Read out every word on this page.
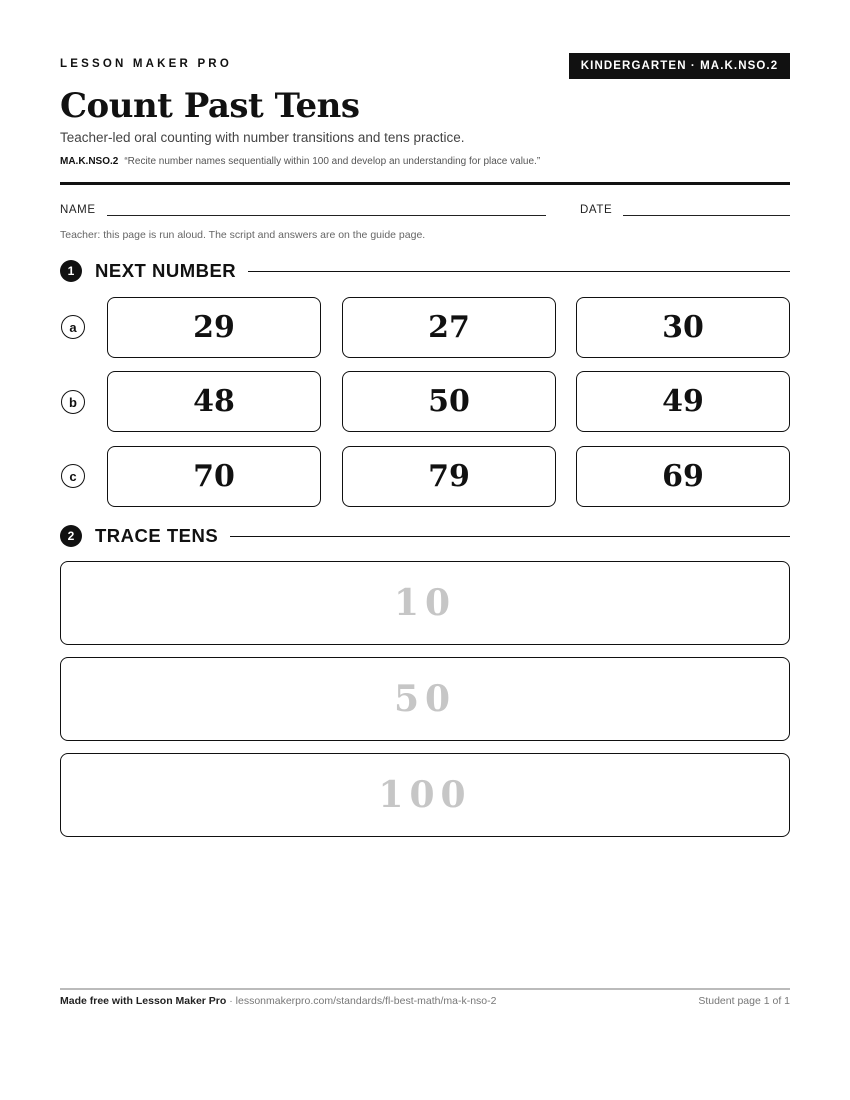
LESSON MAKER PRO	KINDERGARTEN · MA.K.NSO.2
Count Past Tens
Teacher-led oral counting with number transitions and tens practice.
MA.K.NSO.2 “Recite number names sequentially within 100 and develop an understanding for place value.”
NAME	DATE
Teacher: this page is run aloud. The script and answers are on the guide page.
1	NEXT NUMBER
a	29	27	30
b	48	50	49
c	70	79	69
2	TRACE TENS
10
50
100
Made free with Lesson Maker Pro · lessonmakerpro.com/standards/fl-best-math/ma-k-nso-2	Student page 1 of 1
